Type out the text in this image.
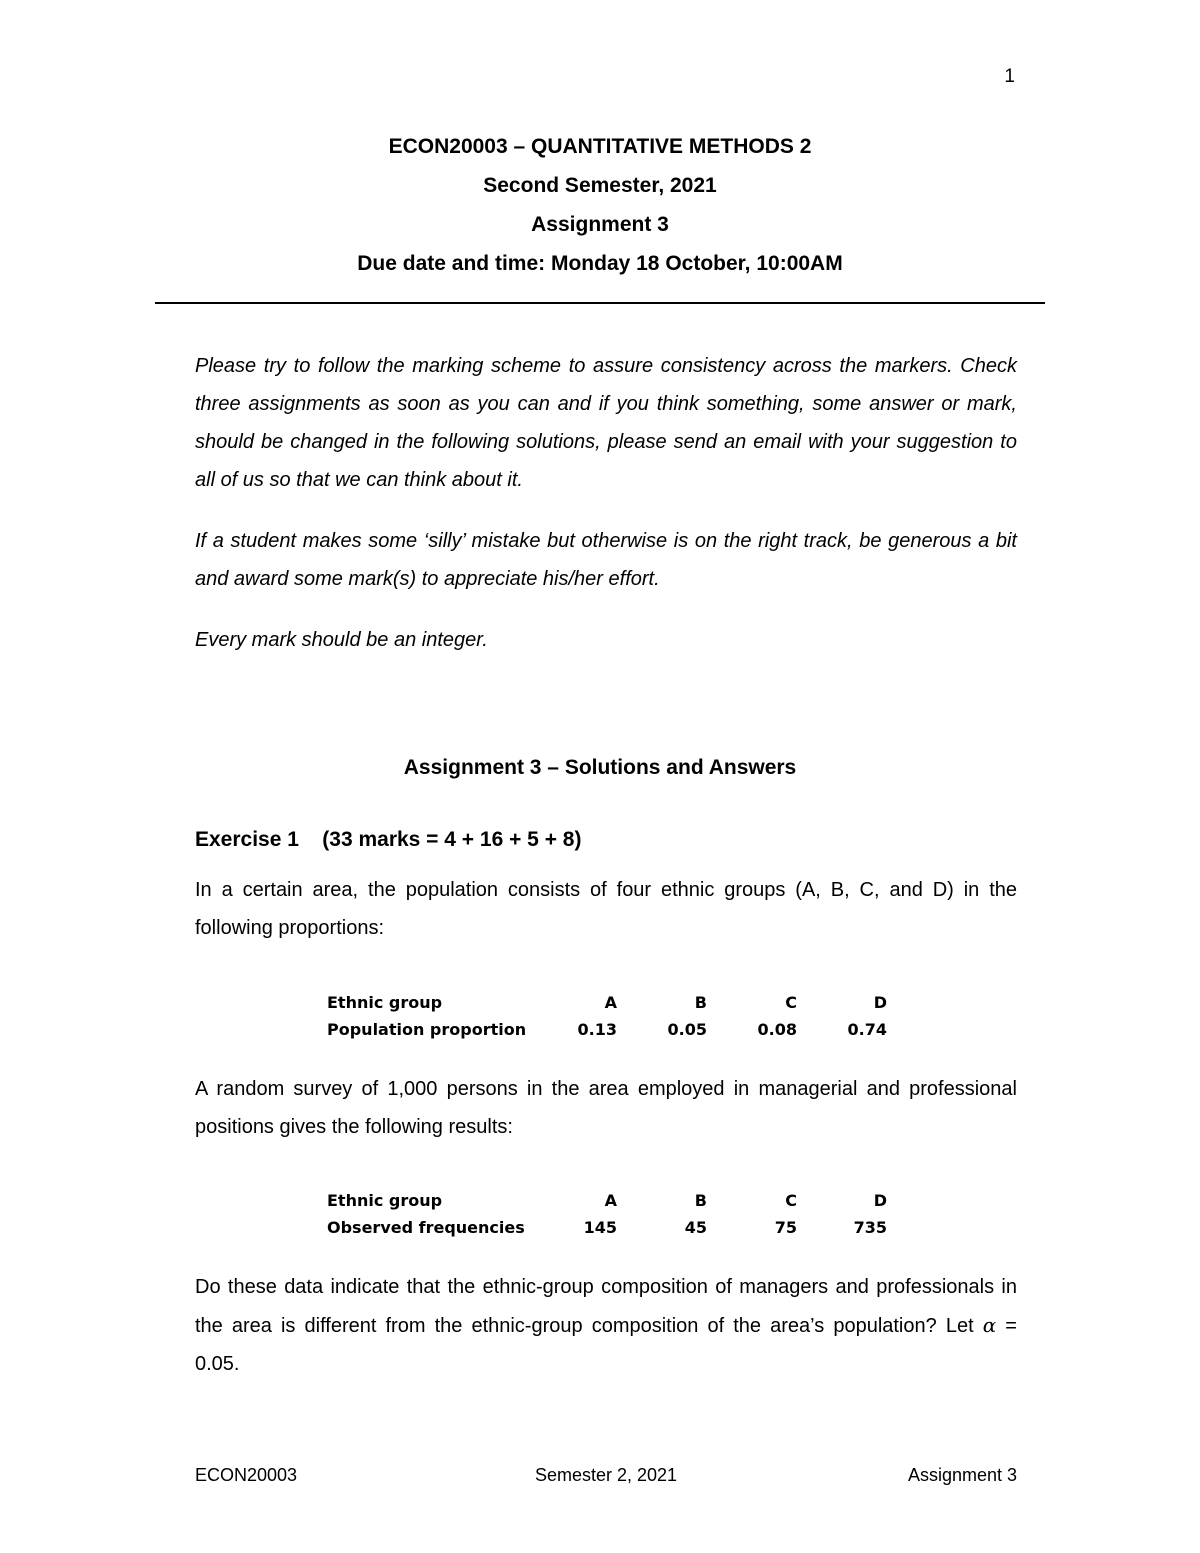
1
ECON20003 – QUANTITATIVE METHODS 2
Second Semester, 2021
Assignment 3
Due date and time: Monday 18 October, 10:00AM
Please try to follow the marking scheme to assure consistency across the markers. Check three assignments as soon as you can and if you think something, some answer or mark, should be changed in the following solutions, please send an email with your suggestion to all of us so that we can think about it.
If a student makes some ‘silly’ mistake but otherwise is on the right track, be generous a bit and award some mark(s) to appreciate his/her effort.
Every mark should be an integer.
Assignment 3 – Solutions and Answers
Exercise 1 (33 marks = 4 + 16 + 5 + 8)
In a certain area, the population consists of four ethnic groups (A, B, C, and D) in the following proportions:
Ethnic group	A	B	C	D
Population proportion	0.13	0.05	0.08	0.74
A random survey of 1,000 persons in the area employed in managerial and professional positions gives the following results:
Ethnic group	A	B	C	D
Observed frequencies	145	45	75	735
Do these data indicate that the ethnic-group composition of managers and professionals in the area is different from the ethnic-group composition of the area’s population? Let α = 0.05.
ECON20003	Semester 2, 2021	Assignment 3
